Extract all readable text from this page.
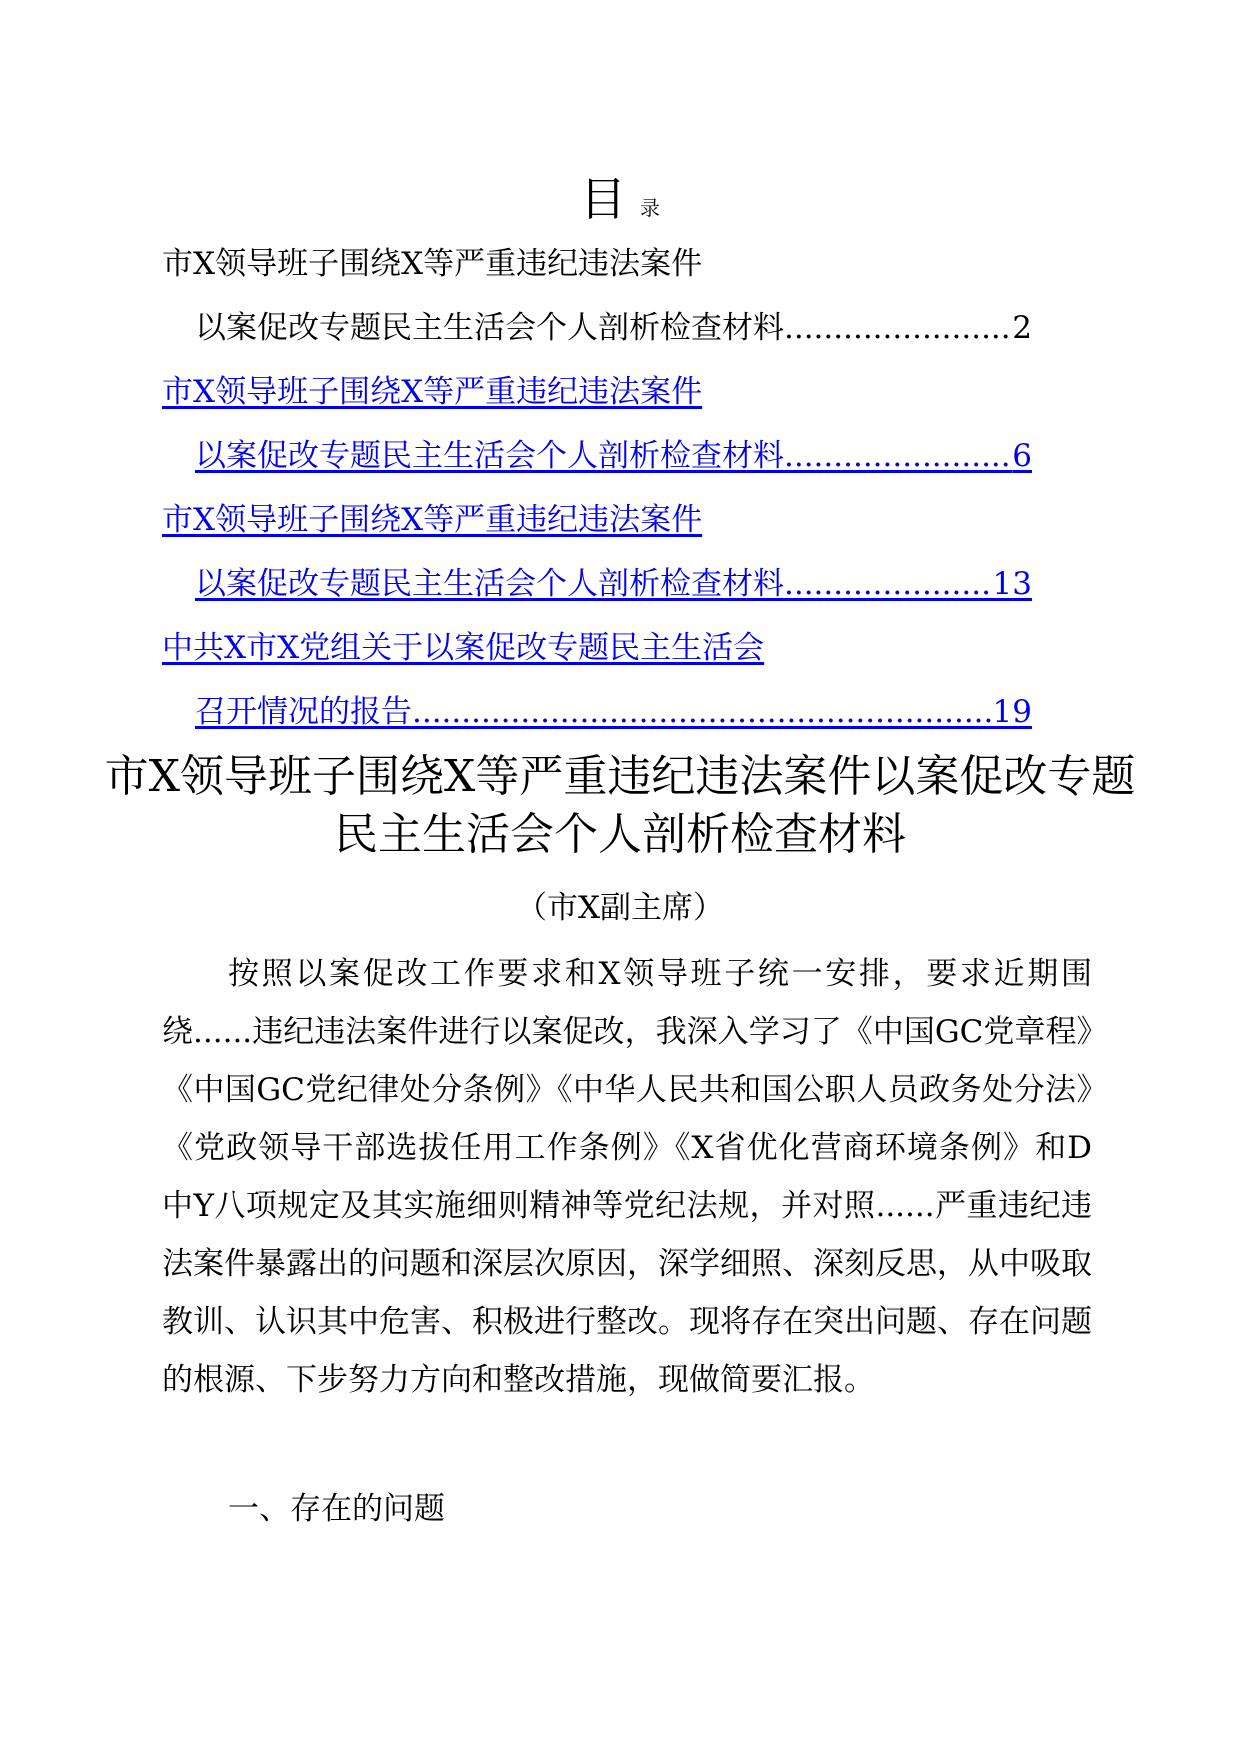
目录
市X领导班子围绕X等严重违纪违法案件
以案促改专题民主生活会个人剖析检查材料 .....	2
市X领导班子围绕X等严重违纪违法案件
以案促改专题民主生活会个人剖析检查材料 .....	6
市X领导班子围绕X等严重违纪违法案件
以案促改专题民主生活会个人剖析检查材料 .....	13
中共X市X党组关于以案促改专题民主生活会
召开情况的报告 .....	19
市X领导班子围绕X等严重违纪违法案件以案促改专题民主生活会个人剖析检查材料
（市X副主席）

按照以案促改工作要求和X领导班子统一安排，要求近期围绕......违纪违法案件进行以案促改，我深入学习了《中国GC党章程》《中国GC党纪律处分条例》《中华人民共和国公职人员政务处分法》《党政领导干部选拔任用工作条例》《X省优化营商环境条例》和D中Y八项规定及其实施细则精神等党纪法规，并对照......严重违纪违法案件暴露出的问题和深层次原因，深学细照、深刻反思，从中吸取教训、认识其中危害、积极进行整改。现将存在突出问题、存在问题的根源、下步努力方向和整改措施，现做简要汇报。

一、存在的问题
